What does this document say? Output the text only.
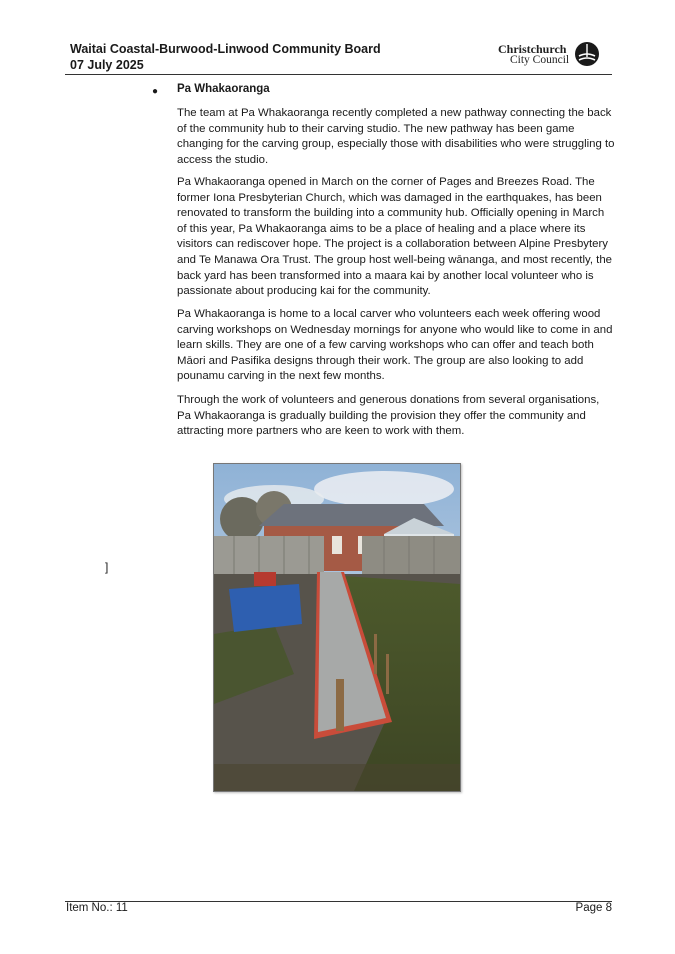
Waitai Coastal-Burwood-Linwood Community Board
07 July 2025
Christchurch
City Council
● Pa Whakaoranga

The team at Pa Whakaoranga recently completed a new pathway connecting the back of the community hub to their carving studio. The new pathway has been game changing for the carving group, especially those with disabilities who were struggling to access the studio.

Pa Whakaoranga opened in March on the corner of Pages and Breezes Road. The former Iona Presbyterian Church, which was damaged in the earthquakes, has been renovated to transform the building into a community hub. Officially opening in March of this year, Pa Whakaoranga aims to be a place of healing and a place where its visitors can rediscover hope. The project is a collaboration between Alpine Presbytery and Te Manawa Ora Trust. The group host well-being wānanga, and most recently, the back yard has been transformed into a maara kai by another local volunteer who is passionate about producing kai for the community.

Pa Whakaoranga is home to a local carver who volunteers each week offering wood carving workshops on Wednesday mornings for anyone who would like to come in and learn skills. They are one of a few carving workshops who can offer and teach both Māori and Pasifika designs through their work. The group are also looking to add pounamu carving in the next few months.

Through the work of volunteers and generous donations from several organisations, Pa Whakaoranga is gradually building the provision they offer the community and attracting more partners who are keen to work with them.

]
Item No.: 11	Page 8
